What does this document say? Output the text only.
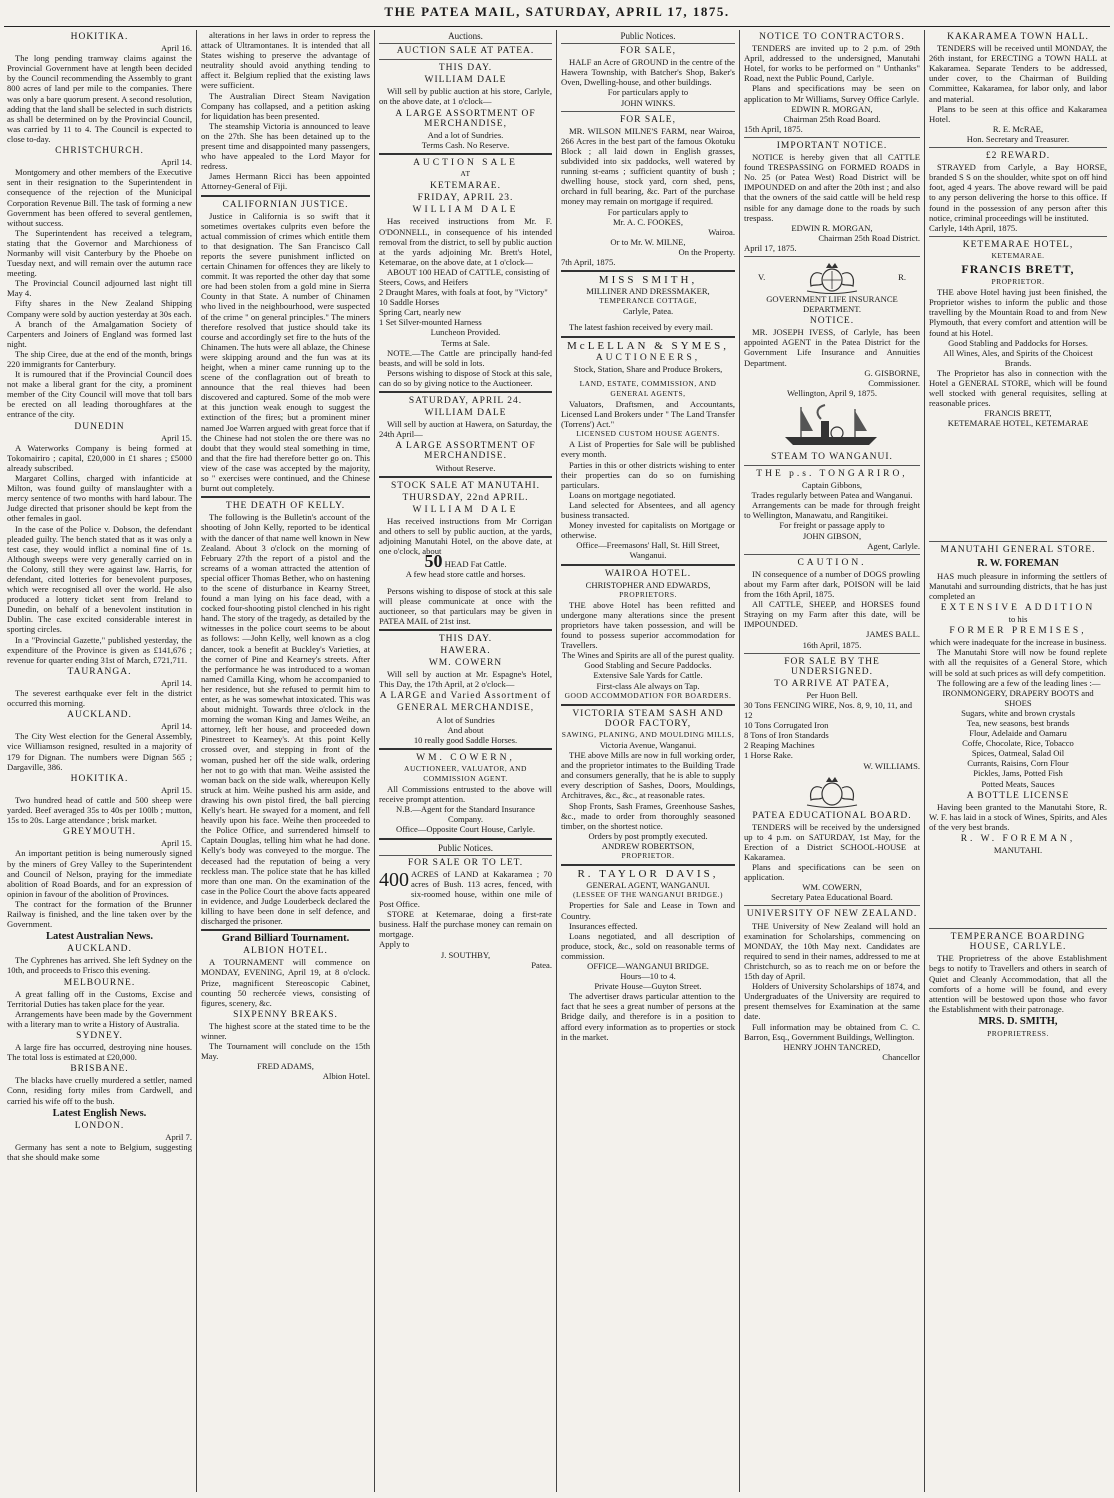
THE PATEA MAIL, SATURDAY, APRIL 17, 1875.
HOKITIKA.
April 16.

The long pending tramway claims against the Provincial Government have at length been decided by the Council recommending the Assembly to grant 800 acres of land per mile to the companies. There was only a bare quorum present. A second resolution, adding that the land shall be selected in such districts as shall be determined on by the Provincial Council, was carried by 11 to 4. The Council is expected to close to-day.

CHRISTCHURCH.
April 14.

Montgomery and other members of the Executive sent in their resignation to the Superintendent in consequence of the rejection of the Municipal Corporation Revenue Bill. The task of forming a new Government has been offered to several gentlemen, without success.

The Superintendent has received a telegram, stating that the Governor and Marchioness of Normanby will visit Canterbury by the Phoebe on Tuesday next, and will remain over the autumn race meeting.

The Provincial Council adjourned last night till May 4.

Fifty shares in the New Zealand Shipping Company were sold by auction yesterday at 30s each.

A branch of the Amalgamation Society of Carpenters and Joiners of England was formed last night.

The ship Ciree, due at the end of the month, brings 220 immigrants for Canterbury.

It is rumoured that if the Provincial Council does not make a liberal grant for the city, a prominent member of the City Council will move that toll bars be erected on all leading thoroughfares at the entrance of the city.

DUNEDIN
April 15.

A Waterworks Company is being formed at Tokomairiro ; capital, £20,000 in £1 shares ; £5000 already subscribed.

Margaret Collins, charged with infanticide at Milton, was found guilty of manslaughter with a mercy sentence of two months with hard labour. The Judge directed that prisoner should be kept from the other females in gaol.

In the case of the Police v. Dobson, the defendant pleaded guilty. The bench stated that as it was only a test case, they would inflict a nominal fine of 1s. Although sweeps were very generally carried on in the Colony, still they were against law. Harris, for defendant, cited lotteries for benevolent purposes, which were recognised all over the world. He also produced a lottery ticket sent from Ireland to Dunedin, on behalf of a benevolent institution in Dublin. The case excited considerable interest in sporting circles.

In a "Provincial Gazette," published yesterday, the expenditure of the Province is given as £141,676 ; revenue for quarter ending 31st of March, £721,711.

TAURANGA.
April 14.

The severest earthquake ever felt in the district occurred this morning.

AUCKLAND.
April 14.

The City West election for the General Assembly, vice Williamson resigned, resulted in a majority of 179 for Dignan. The numbers were Dignan 565 ; Dargaville, 386.

HOKITIKA.
April 15.

Two hundred head of cattle and 500 sheep were yarded. Beef averaged 35s to 40s per 100lb ; mutton, 15s to 20s. Large attendance ; brisk market.

GREYMOUTH.
April 15.

An important petition is being numerously signed by the miners of Grey Valley to the Superintendent and Council of Nelson, praying for the immediate abolition of Road Boards, and for an expression of opinion in favour of the abolition of Provinces.

The contract for the formation of the Brunner Railway is finished, and the line taken over by the Government.

Latest Australian News.
AUCKLAND.

The Cyphrenes has arrived. She left Sydney on the 10th, and proceeds to Frisco this evening.

MELBOURNE.

A great falling off in the Customs, Excise and Territorial Duties has taken place for the year.

Arrangements have been made by the Government with a literary man to write a History of Australia.

SYDNEY.

A large fire has occurred, destroying nine houses. The total loss is estimated at £20,000.

BRISBANE.

The blacks have cruelly murdered a settler, named Conn, residing forty miles from Cardwell, and carried his wife off to the bush.

Latest English News.
LONDON.
April 7.

Germany has sent a note to Belgium, suggesting that she should make some

alterations in her laws in order to repress the attack of Ultramontanes. It is intended that all States wishing to preserve the advantage of neutrality should avoid anything tending to affect it. Belgium replied that the existing laws were sufficient.

The Australian Direct Steam Navigation Company has collapsed, and a petition asking for liquidation has been presented.

The steamship Victoria is announced to leave on the 27th. She has been detained up to the present time and disappointed many passengers, who have appealed to the Lord Mayor for redress.

James Hermann Ricci has been appointed Attorney-General of Fiji.

CALIFORNIAN JUSTICE.

Justice in California is so swift that it sometimes overtakes culprits even before the actual commission of crimes which entitle them to that designation. The San Francisco Call reports the severe punishment inflicted on certain Chinamen for offences they are likely to commit. It was reported the other day that some ore had been stolen from a gold mine in Sierra County in that State. A number of Chinamen who lived in the neighbourhood, were suspected of the crime " on general principles." The miners therefore resolved that justice should take its course and accordingly set fire to the huts of the Chinamen. The huts were all ablaze, the Chinese were skipping around and the fun was at its height, when a miner came running up to the scene of the conflagration out of breath to announce that the real thieves had been discovered and captured. Some of the mob were at this junction weak enough to suggest the extinction of the fires; but a prominent miner named Joe Warren argued with great force that if the Chinese had not stolen the ore there was no doubt that they would steal something in time, and that the fire had therefore better go on. This view of the case was accepted by the majority, so " exercises were continued, and the Chinese burnt out completely.

THE DEATH OF KELLY.

The following is the Bulletin's account of the shooting of John Kelly, reported to be identical with the dancer of that name well known in New Zealand. About 3 o'clock on the morning of February 27th the report of a pistol and the screams of a woman attracted the attention of special officer Thomas Bether, who on hastening to the scene of disturbance in Kearny Street, found a man lying on his face dead, with a cocked four-shooting pistol clenched in his right hand. The story of the tragedy, as detailed by the witnesses in the police court seems to be about as follows: —John Kelly, well known as a clog dancer, took a benefit at Buckley's Varieties, at the corner of Pine and Kearney's streets. After the performance he was introduced to a woman named Camilla King, whom he accompanied to her residence, but she refused to permit him to enter, as he was somewhat intoxicated. This was about midnight. Towards three o'clock in the morning the woman King and James Weihe, an attorney, left her house, and proceeded down Pinestreet to Kearney's. At this point Kelly crossed over, and stepping in front of the woman, pushed her off the side walk, ordering her not to go with that man. Weihe assisted the woman back on the side walk, whereupon Kelly struck at him. Weihe pushed his arm aside, and drawing his own pistol fired, the ball piercing Kelly's heart. He swayed for a moment, and fell heavily upon his face. Weihe then proceeded to the Police Office, and surrendered himself to Captain Douglas, telling him what he had done. Kelly's body was conveyed to the morgue. The deceased had the reputation of being a very reckless man. The police state that he has killed more than one man. On the examination of the case in the Police Court the above facts appeared in evidence, and Judge Louderbeck declared the killing to have been done in self defence, and discharged the prisoner.

Grand Billiard Tournament.
ALBION HOTEL.

A TOURNAMENT will commence on MONDAY, EVENING, April 19, at 8 o'clock. Prize, magnificent Stereoscopic Cabinet, counting 50 rechercée views, consisting of figures, scenery, &c.

SIXPENNY BREAKS.

The highest score at the stated time to be the winner.

The Tournament will conclude on the 15th May.

FRED ADAMS,
Albion Hotel.
Auctions.
AUCTION SALE AT PATEA.
THIS DAY.
WILLIAM DALE

Will sell by public auction at his store, Carlyle, on the above date, at 1 o'clock—

A LARGE ASSORTMENT OF MERCHANDISE,
And a lot of Sundries.
Terms Cash. No Reserve.
AUCTION SALE
AT
KETEMARAE.
FRIDAY, APRIL 23.
WILLIAM DALE

Has received instructions from Mr. F. O'DONNELL, in consequence of his intended removal from the district, to sell by public auction at the yards adjoining Mr. Brett's Hotel, Ketemarae, on the above date, at 1 o'clock—

ABOUT 100 HEAD of CATTLE, consisting of

Steers, Cows, and Heifers
2 Draught Mares, with foals at foot, by "Victory"
10 Saddle Horses
Spring Cart, nearly new
1 Set Silver-mounted Harness
Luncheon Provided.
Terms at Sale.

NOTE.—The Cattle are principally hand-fed beasts, and will be sold in lots.

Persons wishing to dispose of Stock at this sale, can do so by giving notice to the Auctioneer.

SATURDAY, APRIL 24.
WILLIAM DALE

Will sell by auction at Hawera, on Saturday, the 24th April—

A LARGE ASSORTMENT OF MERCHANDISE.
Without Reserve.
STOCK SALE AT MANUTAHI.
THURSDAY, 22nd APRIL.
WILLIAM DALE

Has received instructions from Mr Corrigan and others to sell by public auction, at the yards, adjoining Manutahi Hotel, on the above date, at one o'clock, about

50 HEAD Fat Cattle.
A few head store cattle and horses.

Persons wishing to dispose of stock at this sale will please communicate at once with the auctioneer, so that particulars may be given in PATEA MAIL of 21st inst.

THIS DAY.
HAWERA.
WM. COWERN

Will sell by auction at Mr. Espagne's Hotel, This Day, the 17th April, at 2 o'clock—

A LARGE and Varied Assortment of
GENERAL MERCHANDISE,
A lot of Sundries
And about
10 really good Saddle Horses.
WM. COWERN,
AUCTIONEER, VALUATOR, AND COMMISSION AGENT.

All Commissions entrusted to the above will receive prompt attention.

N.B.—Agent for the Standard Insurance Company.
Office—Opposite Court House, Carlyle.
Public Notices.
FOR SALE OR TO LET.

400 ACRES of LAND at Kakaramea ; 70 acres of Bush. 113 acres, fenced, with six-roomed house, within one mile of Post Office.

STORE at Ketemarae, doing a first-rate business. Half the purchase money can remain on mortgage.

Apply to
J. SOUTHBY,
Patea.
Public Notices.
FOR SALE,

HALF an Acre of GROUND in the centre of the Hawera Township, with Batcher's Shop, Baker's Oven, Dwelling-house, and other buildings.

For particulars apply to
JOHN WINKS.
FOR SALE,

MR. WILSON MILNE'S FARM, near Wairoa, 266 Acres in the best part of the famous Okotuku Block ; all laid down in English grasses, subdivided into six paddocks, well watered by running st-eams ; sufficient quantity of bush ; dwelling house, stock yard, corn shed, pens, orchard in full bearing, &c. Part of the purchase money may remain on mortgage if required.

For particulars apply to
Mr. A. C. FOOKES,
Wairoa.
Or to Mr. W. MILNE,
On the Property.
7th April, 1875.
MISS SMITH,
MILLINER AND DRESSMAKER,
TEMPERANCE COTTAGE,
Carlyle, Patea.

The latest fashion received by every mail.

McLELLAN & SYMES,
AUCTIONEERS,
Stock, Station, Share and Produce Brokers,
LAND, ESTATE, COMMISSION, AND GENERAL AGENTS,

Valuators, Draftsmen, and Accountants, Licensed Land Brokers under " The Land Transfer (Torrens') Act."

LICENSED CUSTOM HOUSE AGENTS.

A List of Properties for Sale will be published every month.

Parties in this or other districts wishing to enter their properties can do so on furnishing particulars.

Loans on mortgage negotiated.

Land selected for Absentees, and all agency business transacted.

Money invested for capitalists on Mortgage or otherwise.

Office—Freemasons' Hall, St. Hill Street, Wanganui.
WAIROA HOTEL.
CHRISTOPHER AND EDWARDS,
PROPRIETORS.

THE above Hotel has been refitted and undergone many alterations since the present proprietors have taken possession, and will be found to possess superior accommodation for Travellers.

The Wines and Spirits are all of the purest quality.
Good Stabling and Secure Paddocks.
Extensive Sale Yards for Cattle.
First-class Ale always on Tap.
GOOD ACCOMMODATION FOR BOARDERS.
VICTORIA STEAM SASH AND DOOR FACTORY,
SAWING, PLANING, AND MOULDING MILLS,
Victoria Avenue, Wanganui.

THE above Mills are now in full working order, and the proprietor intimates to the Building Trade and consumers generally, that he is able to supply every description of Sashes, Doors, Mouldings, Architraves, &c., &c., at reasonable rates.

Shop Fronts, Sash Frames, Greenhouse Sashes, &c., made to order from thoroughly seasoned timber, on the shortest notice.

Orders by post promptly executed.
ANDREW ROBERTSON,
PROPRIETOR.
R. TAYLOR DAVIS,
GENERAL AGENT, WANGANUI.
(LESSEE OF THE WANGANUI BRIDGE.)

Properties for Sale and Lease in Town and Country.

Insurances effected.

Loans negotiated, and all description of produce, stock, &c., sold on reasonable terms of commission.

OFFICE—WANGANUI BRIDGE.
Hours—10 to 4.
Private House—Guyton Street.

The advertiser draws particular attention to the fact that he sees a great number of persons at the Bridge daily, and therefore is in a position to afford every information as to properties or stock in the market.

NOTICE TO CONTRACTORS.

TENDERS are invited up to 2 p.m. of 29th April, addressed to the undersigned, Manutahi Hotel, for works to be performed on " Unthanks" Road, next the Public Pound, Carlyle.

Plans and specifications may be seen on application to Mr Williams, Survey Office Carlyle.

EDWIN R. MORGAN,
Chairman 25th Road Board.
15th April, 1875.
IMPORTANT NOTICE.

NOTICE is hereby given that all CATTLE found TRESPASSING on FORMED ROADS in No. 25 (or Patea West) Road District will be IMPOUNDED on and after the 20th inst ; and also that the owners of the said cattle will be held resp nsible for any damage done to the roads by such trespass.

EDWIN R. MORGAN,
Chairman 25th Road District.
April 17, 1875.
V.	R.
GOVERNMENT LIFE INSURANCE DEPARTMENT.
NOTICE.

MR. JOSEPH IVESS, of Carlyle, has been appointed AGENT in the Patea District for the Government Life Insurance and Annuities Department.

G. GISBORNE,
Commissioner.
Wellington, April 9, 1875.
STEAM TO WANGANUI.
THE p.s. TONGARIRO,
Captain Gibbons,
Trades regularly between Patea and Wanganui.

Arrangements can be made for through freight to Wellington, Manawatu, and Rangitikei.

For freight or passage apply to
JOHN GIBSON,
Agent, Carlyle.
CAUTION.

IN consequence of a number of DOGS prowling about my Farm after dark, POISON will be laid from the 16th April, 1875.

All CATTLE, SHEEP, and HORSES found Straying on my Farm after this date, will be IMPOUNDED.

JAMES BALL.
16th April, 1875.
FOR SALE BY THE UNDERSIGNED.
TO ARRIVE AT PATEA,
Per Huon Bell.
30 Tons FENCING WIRE, Nos. 8, 9, 10, 11, and 12
10 Tons Corrugated Iron
8 Tons of Iron Standards
2 Reaping Machines
1 Horse Rake.
W. WILLIAMS.
PATEA EDUCATIONAL BOARD.

TENDERS will be received by the undersigned up to 4 p.m. on SATURDAY, 1st May, for the Erection of a District SCHOOL-HOUSE at Kakaramea.

Plans and specifications can be seen on application.

WM. COWERN,
Secretary Patea Educational Board.
UNIVERSITY OF NEW ZEALAND.

THE University of New Zealand will hold an examination for Scholarships, commencing on MONDAY, the 10th May next. Candidates are required to send in their names, addressed to me at Christchurch, so as to reach me on or before the 15th day of April.

Holders of University Scholarships of 1874, and Undergraduates of the University are required to present themselves for Examination at the same date.

Full information may be obtained from C. C. Barron, Esq., Government Buildings, Wellington.

HENRY JOHN TANCRED,
Chancellor
KAKARAMEA TOWN HALL.

TENDERS will be received until MONDAY, the 26th instant, for ERECTING a TOWN HALL at Kakaramea. Separate Tenders to be addressed, under cover, to the Chairman of Building Committee, Kakaramea, for labor only, and labor and material.

Plans to be seen at this office and Kakaramea Hotel.

R. E. McRAE,
Hon. Secretary and Treasurer.
£2 REWARD.

STRAYED from Carlyle, a Bay HORSE, branded S S on the shoulder, white spot on off hind foot, aged 4 years. The above reward will be paid to any person delivering the horse to this office. If found in the possession of any person after this notice, criminal proceedings will be instituted.

Carlyle, 14th April, 1875.
KETEMARAE HOTEL,
KETEMARAE.
FRANCIS BRETT,
PROPRIETOR.

THE above Hotel having just been finished, the Proprietor wishes to inform the public and those travelling by the Mountain Road to and from New Plymouth, that every comfort and attention will be found at his Hotel.

Good Stabling and Paddocks for Horses.
All Wines, Ales, and Spirits of the Choicest Brands.

The Proprietor has also in connection with the Hotel a GENERAL STORE, which will be found well stocked with general requisites, selling at reasonable prices.

FRANCIS BRETT,
KETEMARAE HOTEL, KETEMARAE
MANUTAHI GENERAL STORE.
R. W. FOREMAN

HAS much pleasure in informing the settlers of Manutahi and surrounding districts, that he has just completed an

EXTENSIVE ADDITION
to his
FORMER PREMISES,
which were inadequate for the increase in business.

The Manutahi Store will now be found replete with all the requisites of a General Store, which will be sold at such prices as will defy competition.

The following are a few of the leading lines :—

IRONMONGERY, DRAPERY BOOTS and SHOES
Sugars, white and brown crystals
Tea, new seasons, best brands
Flour, Adelaide and Oamaru
Coffe, Chocolate, Rice, Tobacco
Spices, Oatmeal, Salad Oil
Currants, Raisins, Corn Flour
Pickles, Jams, Potted Fish
Potted Meats, Sauces
A BOTTLE LICENSE

Having been granted to the Manutahi Store, R. W. F. has laid in a stock of Wines, Spirits, and Ales of the very best brands.

R. W. FOREMAN,
MANUTAHI.
TEMPERANCE BOARDING HOUSE, CARLYLE.

THE Proprietress of the above Establishment begs to notify to Travellers and others in search of Quiet and Cleanly Accommodation, that all the comforts of a home will be found, and every attention will be bestowed upon those who favor the Establishment with their patronage.

MRS. D. SMITH,
PROPRIETRESS.
